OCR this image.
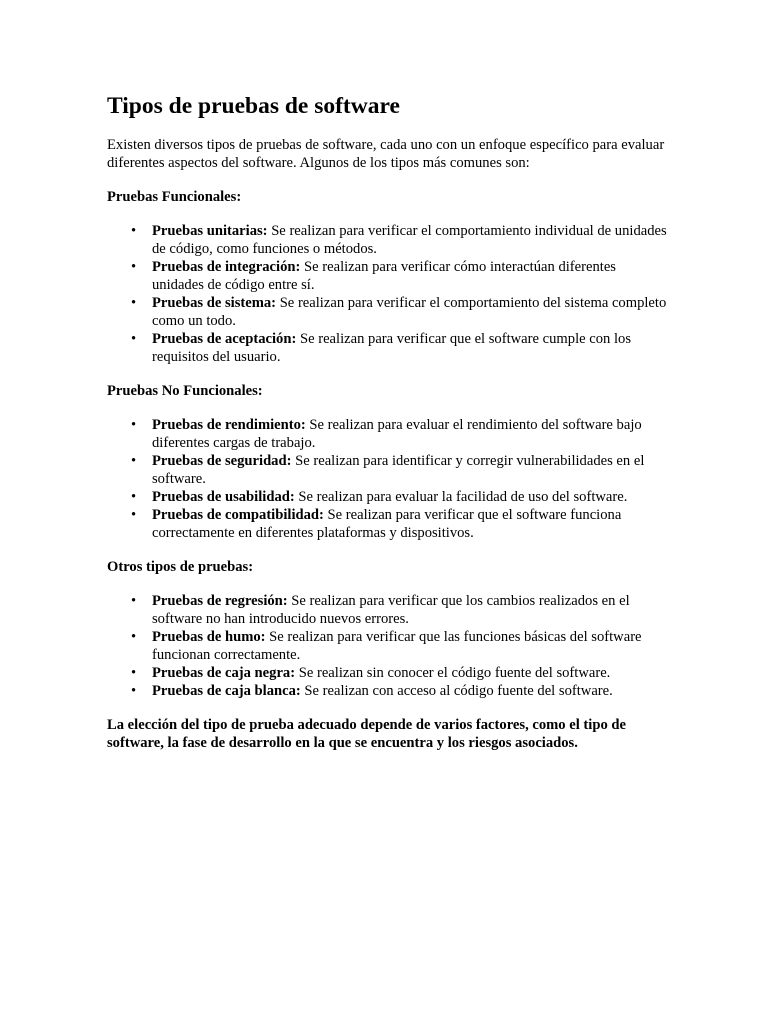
Tipos de pruebas de software

Existen diversos tipos de pruebas de software, cada uno con un enfoque específico para evaluar diferentes aspectos del software. Algunos de los tipos más comunes son:

Pruebas Funcionales:

• Pruebas unitarias: Se realizan para verificar el comportamiento individual de unidades de código, como funciones o métodos.
• Pruebas de integración: Se realizan para verificar cómo interactúan diferentes unidades de código entre sí.
• Pruebas de sistema: Se realizan para verificar el comportamiento del sistema completo como un todo.
• Pruebas de aceptación: Se realizan para verificar que el software cumple con los requisitos del usuario.

Pruebas No Funcionales:

• Pruebas de rendimiento: Se realizan para evaluar el rendimiento del software bajo diferentes cargas de trabajo.
• Pruebas de seguridad: Se realizan para identificar y corregir vulnerabilidades en el software.
• Pruebas de usabilidad: Se realizan para evaluar la facilidad de uso del software.
• Pruebas de compatibilidad: Se realizan para verificar que el software funciona correctamente en diferentes plataformas y dispositivos.

Otros tipos de pruebas:

• Pruebas de regresión: Se realizan para verificar que los cambios realizados en el software no han introducido nuevos errores.
• Pruebas de humo: Se realizan para verificar que las funciones básicas del software funcionan correctamente.
• Pruebas de caja negra: Se realizan sin conocer el código fuente del software.
• Pruebas de caja blanca: Se realizan con acceso al código fuente del software.

La elección del tipo de prueba adecuado depende de varios factores, como el tipo de software, la fase de desarrollo en la que se encuentra y los riesgos asociados.
